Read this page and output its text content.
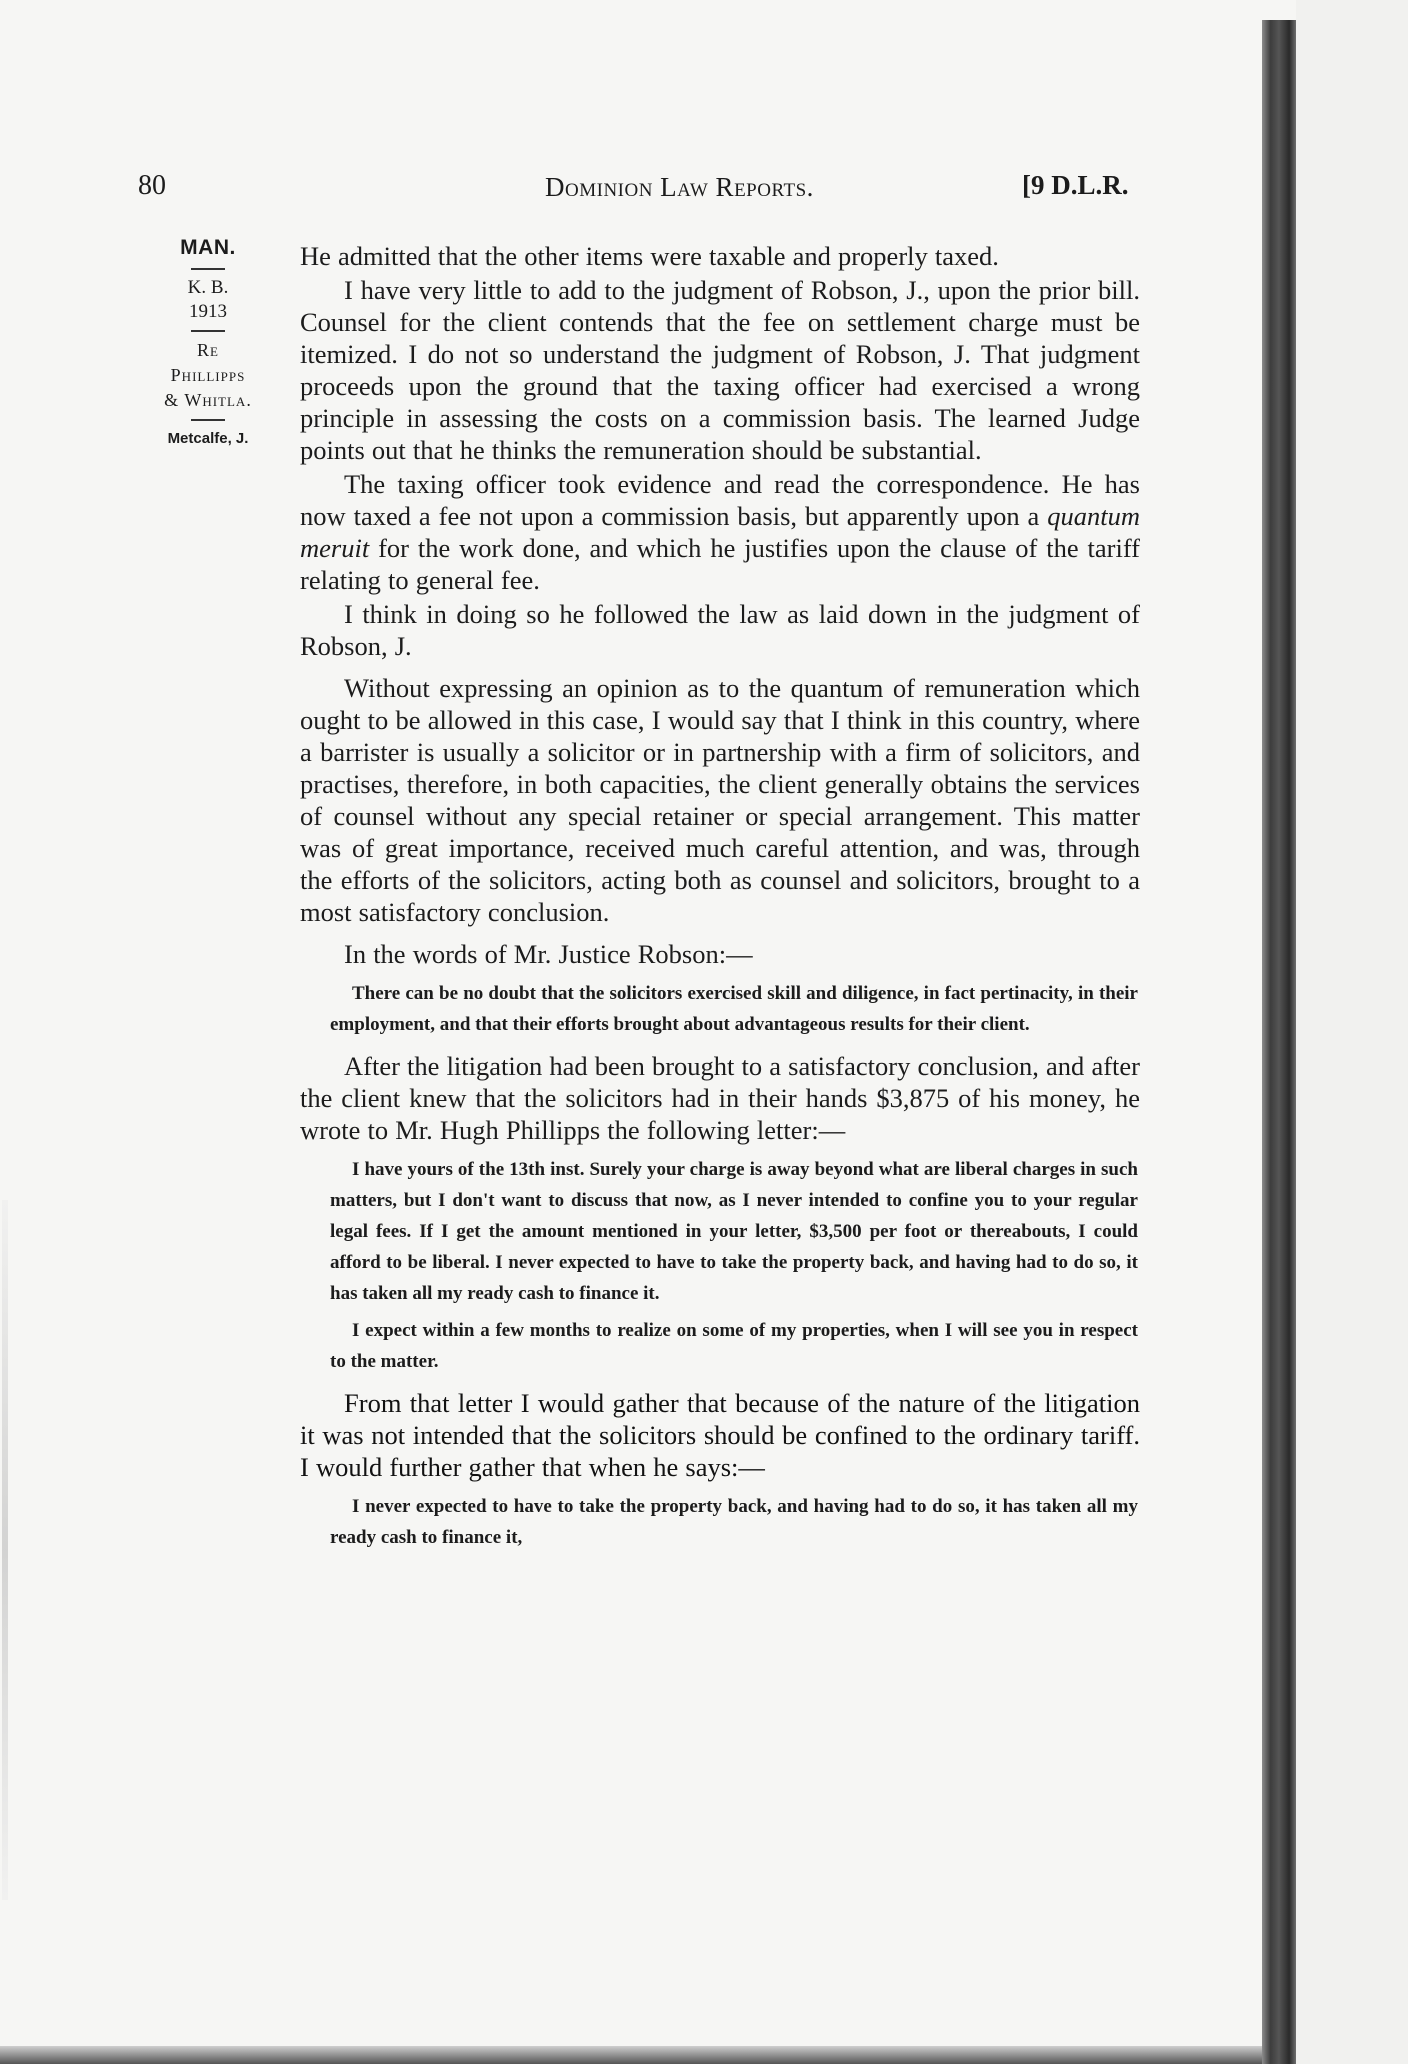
80	Dominion Law Reports.	[9 D.L.R.
MAN.
K. B.
1913
Re
Phillipps
& Whitla.
Metcalfe, J.

He admitted that the other items were taxable and properly taxed.

I have very little to add to the judgment of Robson, J., upon the prior bill. Counsel for the client contends that the fee on settlement charge must be itemized. I do not so understand the judgment of Robson, J. That judgment proceeds upon the ground that the taxing officer had exercised a wrong principle in assessing the costs on a commission basis. The learned Judge points out that he thinks the remuneration should be substantial.

The taxing officer took evidence and read the correspondence. He has now taxed a fee not upon a commission basis, but apparently upon a quantum meruit for the work done, and which he justifies upon the clause of the tariff relating to general fee.

I think in doing so he followed the law as laid down in the judgment of Robson, J.

Without expressing an opinion as to the quantum of remuneration which ought to be allowed in this case, I would say that I think in this country, where a barrister is usually a solicitor or in partnership with a firm of solicitors, and practises, therefore, in both capacities, the client generally obtains the services of counsel without any special retainer or special arrangement. This matter was of great importance, received much careful attention, and was, through the efforts of the solicitors, acting both as counsel and solicitors, brought to a most satisfactory conclusion.

In the words of Mr. Justice Robson:—

There can be no doubt that the solicitors exercised skill and diligence, in fact pertinacity, in their employment, and that their efforts brought about advantageous results for their client.

After the litigation had been brought to a satisfactory conclusion, and after the client knew that the solicitors had in their hands $3,875 of his money, he wrote to Mr. Hugh Phillipps the following letter:—

I have yours of the 13th inst. Surely your charge is away beyond what are liberal charges in such matters, but I don't want to discuss that now, as I never intended to confine you to your regular legal fees. If I get the amount mentioned in your letter, $3,500 per foot or thereabouts, I could afford to be liberal. I never expected to have to take the property back, and having had to do so, it has taken all my ready cash to finance it.

I expect within a few months to realize on some of my properties, when I will see you in respect to the matter.

From that letter I would gather that because of the nature of the litigation it was not intended that the solicitors should be confined to the ordinary tariff. I would further gather that when he says:—

I never expected to have to take the property back, and having had to do so, it has taken all my ready cash to finance it,
